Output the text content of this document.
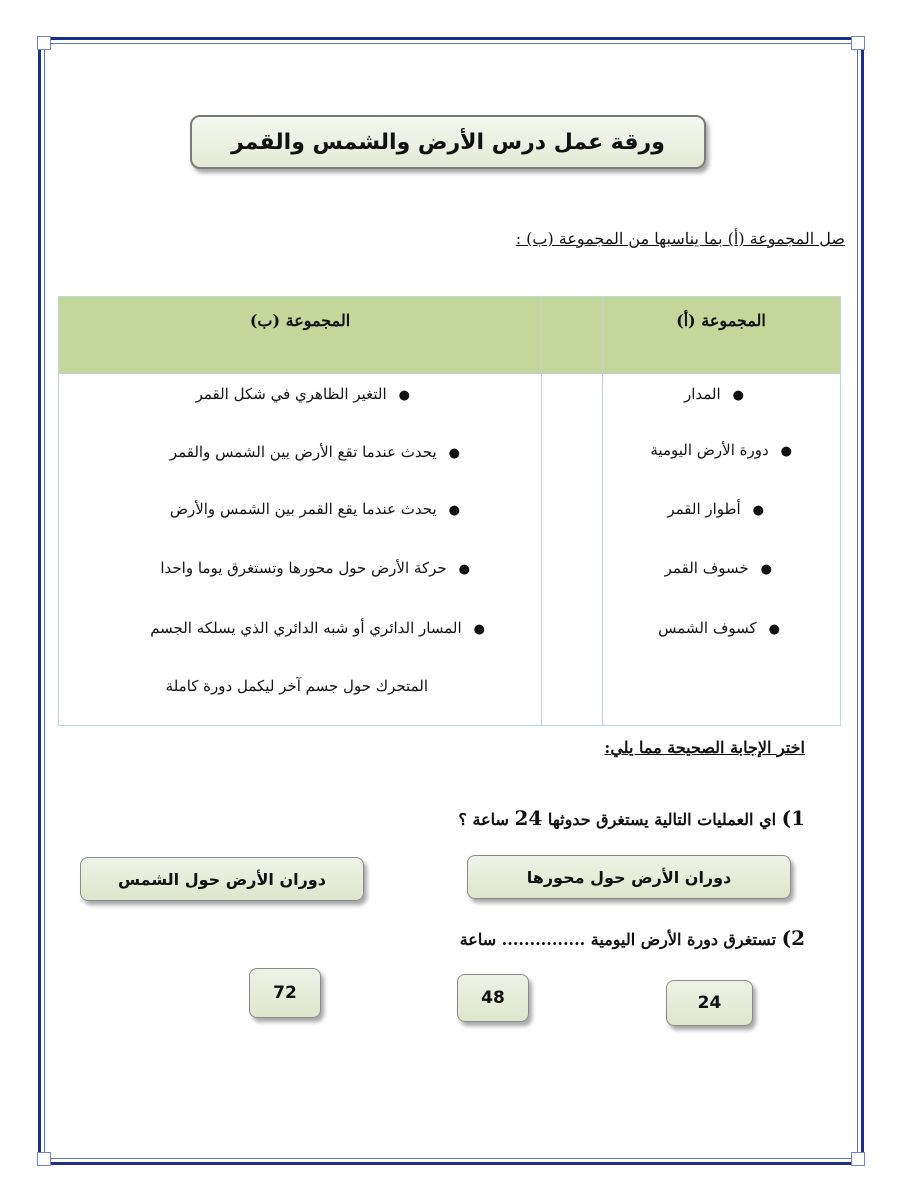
ورقة عمل درس الأرض والشمس والقمر
صل المجموعة (أ) بما يناسبها من المجموعة (ب) :
المجموعة (أ)
المجموعة (ب)
●المدار
●دورة الأرض اليومية
●أطوار القمر
●خسوف القمر
●كسوف الشمس
●التغير الظاهري في شكل القمر
●يحدث عندما تقع الأرض بين الشمس والقمر
●يحدث عندما يقع القمر بين الشمس والأرض
●حركة الأرض حول محورها وتستغرق يوما واحدا
●المسار الدائري أو شبه الدائري الذي يسلكه الجسم
المتحرك حول جسم آخر ليكمل دورة كاملة
اختر الإجابة الصحيحة مما يلي:
1) اي العمليات التالية يستغرق حدوثها 24 ساعة ؟
دوران الأرض حول محورها
دوران الأرض حول الشمس
2) تستغرق دورة الأرض اليومية ............... ساعة
24
48
72
